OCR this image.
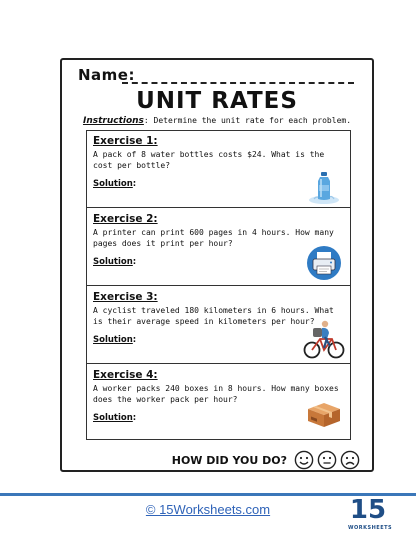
Name:
UNIT RATES
Instructions: Determine the unit rate for each problem.
Exercise 1:
A pack of 8 water bottles costs $24. What is the cost per bottle?
Solution:
Exercise 2:
A printer can print 600 pages in 4 hours. How many pages does it print per hour?
Solution:
Exercise 3:
A cyclist traveled 180 kilometers in 6 hours. What is their average speed in kilometers per hour?
Solution:
Exercise 4:
A worker packs 240 boxes in 8 hours. How many boxes does the worker pack per hour?
Solution:
HOW DID YOU DO?
© 15Worksheets.com	15
WORKSHEETS
